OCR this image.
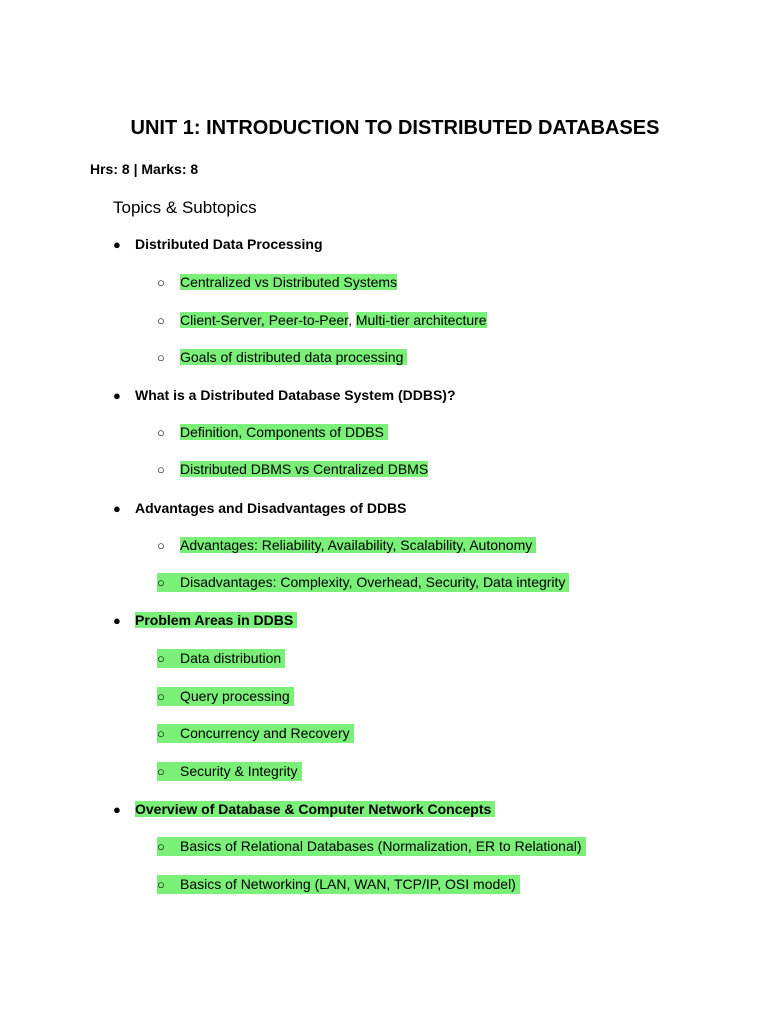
UNIT 1: INTRODUCTION TO DISTRIBUTED DATABASES
Hrs: 8 | Marks: 8
Topics & Subtopics
● Distributed Data Processing
○ Centralized vs Distributed Systems
○ Client-Server, Peer-to-Peer, Multi-tier architecture
○ Goals of distributed data processing
● What is a Distributed Database System (DDBS)?
○ Definition, Components of DDBS
○ Distributed DBMS vs Centralized DBMS
● Advantages and Disadvantages of DDBS
○ Advantages: Reliability, Availability, Scalability, Autonomy
○ Disadvantages: Complexity, Overhead, Security, Data integrity
● Problem Areas in DDBS
○ Data distribution
○ Query processing
○ Concurrency and Recovery
○ Security & Integrity
● Overview of Database & Computer Network Concepts
○ Basics of Relational Databases (Normalization, ER to Relational)
○ Basics of Networking (LAN, WAN, TCP/IP, OSI model)
